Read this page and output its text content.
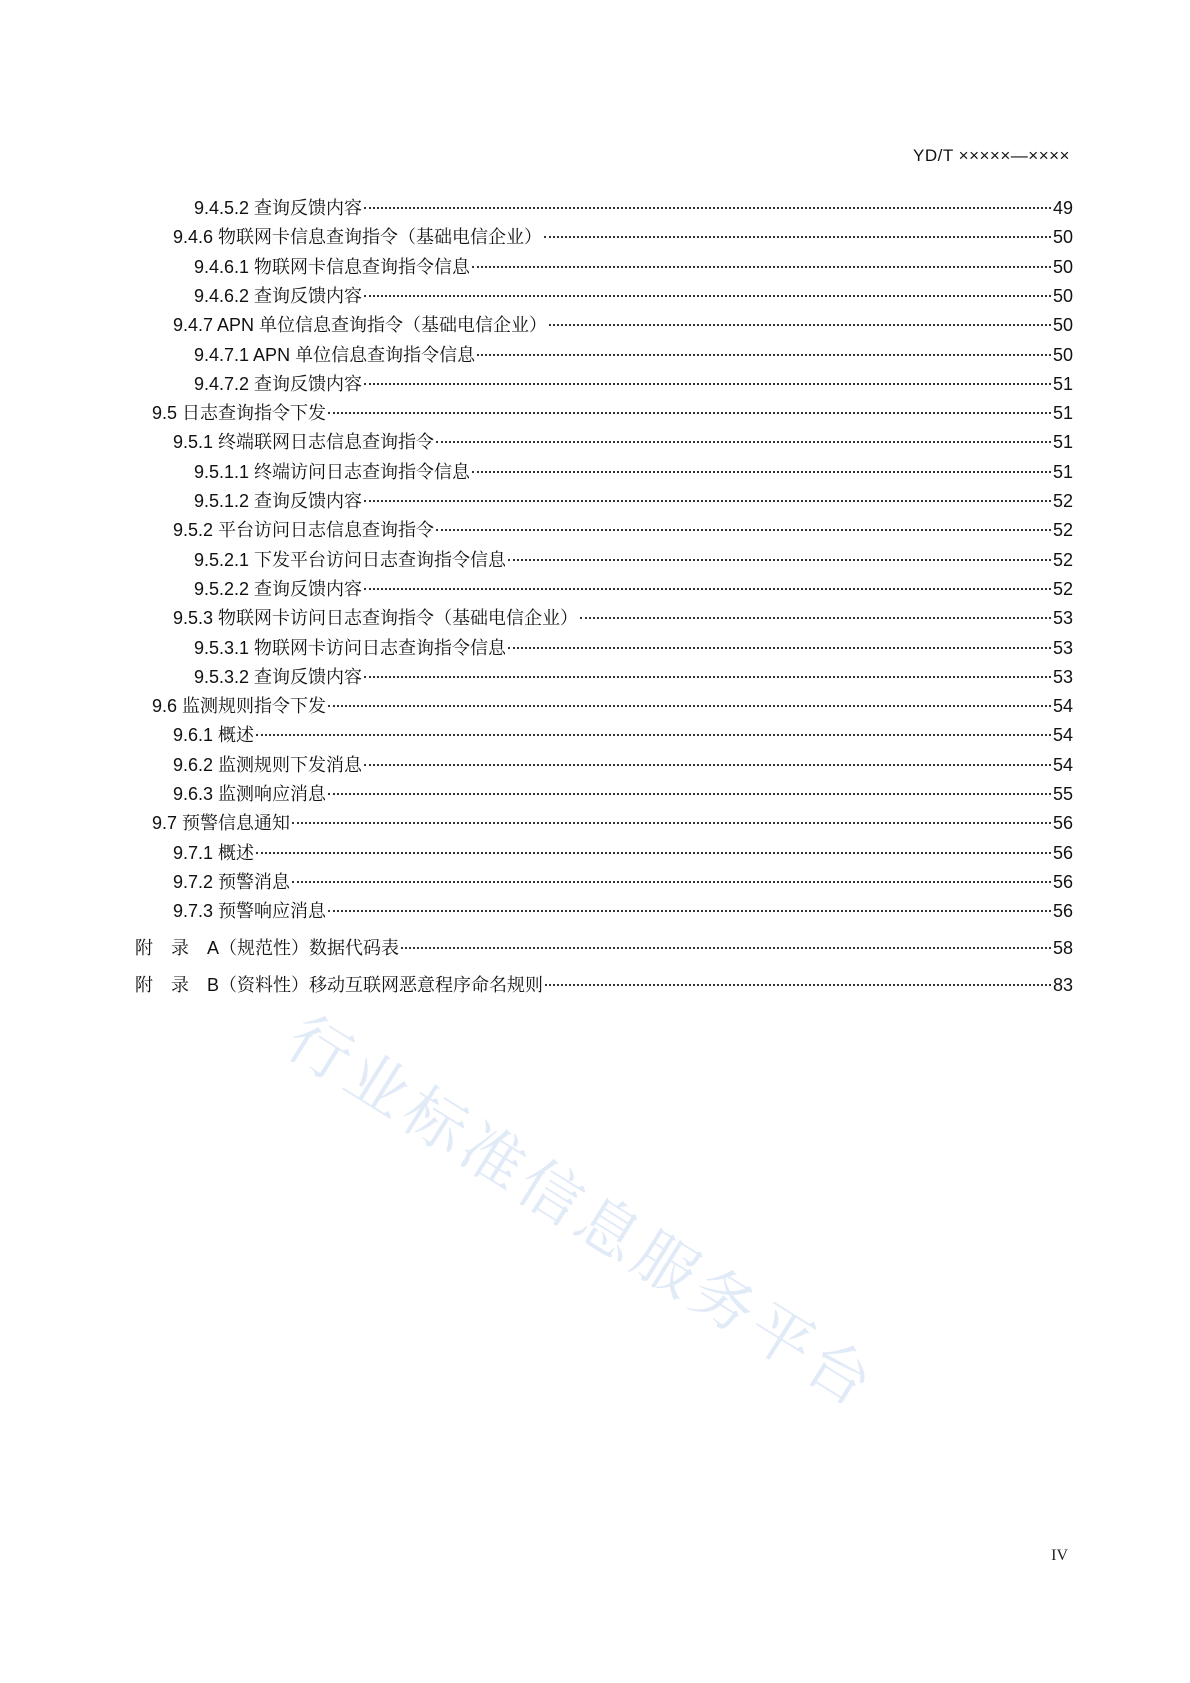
YD/T ×××××—××××
9.4.5.2 查询反馈内容	49
9.4.6 物联网卡信息查询指令（基础电信企业）	50
9.4.6.1 物联网卡信息查询指令信息	50
9.4.6.2 查询反馈内容	50
9.4.7 APN 单位信息查询指令（基础电信企业）	50
9.4.7.1 APN 单位信息查询指令信息	50
9.4.7.2 查询反馈内容	51
9.5 日志查询指令下发	51
9.5.1 终端联网日志信息查询指令	51
9.5.1.1 终端访问日志查询指令信息	51
9.5.1.2 查询反馈内容	52
9.5.2 平台访问日志信息查询指令	52
9.5.2.1 下发平台访问日志查询指令信息	52
9.5.2.2 查询反馈内容	52
9.5.3 物联网卡访问日志查询指令（基础电信企业）	53
9.5.3.1 物联网卡访问日志查询指令信息	53
9.5.3.2 查询反馈内容	53
9.6 监测规则指令下发	54
9.6.1 概述	54
9.6.2 监测规则下发消息	54
9.6.3 监测响应消息	55
9.7 预警信息通知	56
9.7.1 概述	56
9.7.2 预警消息	56
9.7.3 预警响应消息	56
附　录　A（规范性）数据代码表	58
附　录　B（资料性）移动互联网恶意程序命名规则	83
行业标准信息服务平台
IV
